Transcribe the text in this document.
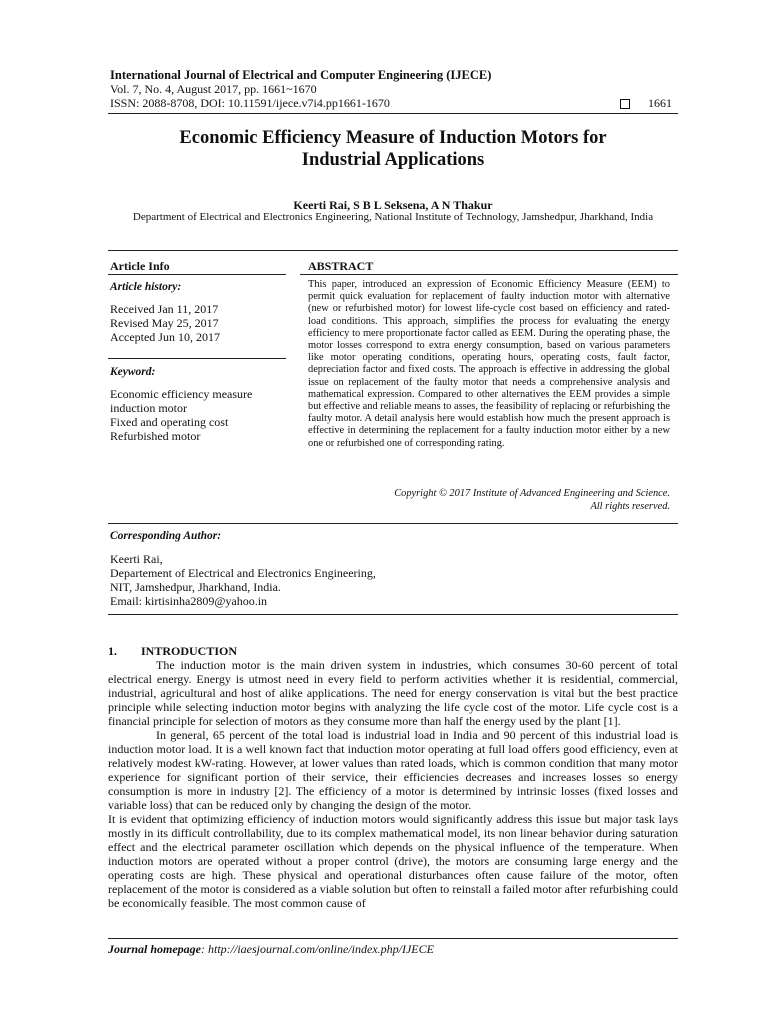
International Journal of Electrical and Computer Engineering (IJECE)
Vol. 7, No. 4, August 2017, pp. 1661~1670
ISSN: 2088-8708, DOI: 10.11591/ijece.v7i4.pp1661-1670	1661
Economic Efficiency Measure of Induction Motors for
Industrial Applications
Keerti Rai, S B L Seksena, A N Thakur
Department of Electrical and Electronics Engineering, National Institute of Technology, Jamshedpur, Jharkhand, India
Article Info
Article history:
Received Jan 11, 2017
Revised May 25, 2017
Accepted Jun 10, 2017
Keyword:
Economic efficiency measure
induction motor
Fixed and operating cost
Refurbished motor
ABSTRACT
This paper, introduced an expression of Economic Efficiency Measure (EEM) to permit quick evaluation for replacement of faulty induction motor with alternative (new or refurbished motor) for lowest life-cycle cost based on efficiency and rated-load conditions. This approach, simplifies the process for evaluating the energy efficiency to mere proportionate factor called as EEM. During the operating phase, the motor losses correspond to extra energy consumption, based on various parameters like motor operating conditions, operating hours, operating costs, fault factor, depreciation factor and fixed costs. The approach is effective in addressing the global issue on replacement of the faulty motor that needs a comprehensive analysis and mathematical expression. Compared to other alternatives the EEM provides a simple but effective and reliable means to asses, the feasibility of replacing or refurbishing the faulty motor. A detail analysis here would establish how much the present approach is effective in determining the replacement for a faulty induction motor either by a new one or refurbished one of corresponding rating.
Copyright © 2017 Institute of Advanced Engineering and Science.
All rights reserved.
Corresponding Author:
Keerti Rai,
Departement of Electrical and Electronics Engineering,
NIT, Jamshedpur, Jharkhand, India.
Email: kirtisinha2809@yahoo.in
1.        INTRODUCTION

The induction motor is the main driven system in industries, which consumes 30-60 percent of total electrical energy. Energy is utmost need in every field to perform activities whether it is residential, commercial, industrial, agricultural and host of alike applications. The need for energy conservation is vital but the best practice principle while selecting induction motor begins with analyzing the life cycle cost of the motor. Life cycle cost is a financial principle for selection of motors as they consume more than half the energy used by the plant [1].

In general, 65 percent of the total load is industrial load in India and 90 percent of this industrial load is induction motor load. It is a well known fact that induction motor operating at full load offers good efficiency, even at relatively modest kW-rating. However, at lower values than rated loads, which is common condition that many motor experience for significant portion of their service, their efficiencies decreases and increases losses so energy consumption is more in industry [2]. The efficiency of a motor is determined by intrinsic losses (fixed losses and variable loss) that can be reduced only by changing the design of the motor.

It is evident that optimizing efficiency of induction motors would significantly address this issue but major task lays mostly in its difficult controllability, due to its complex mathematical model, its non linear behavior during saturation effect and the electrical parameter oscillation which depends on the physical influence of the temperature. When induction motors are operated without a proper control (drive), the motors are consuming large energy and the operating costs are high. These physical and operational disturbances often cause failure of the motor, often replacement of the motor is considered as a viable solution but often to reinstall a failed motor after refurbishing could be economically feasible. The most common cause of

Journal homepage: http://iaesjournal.com/online/index.php/IJECE
